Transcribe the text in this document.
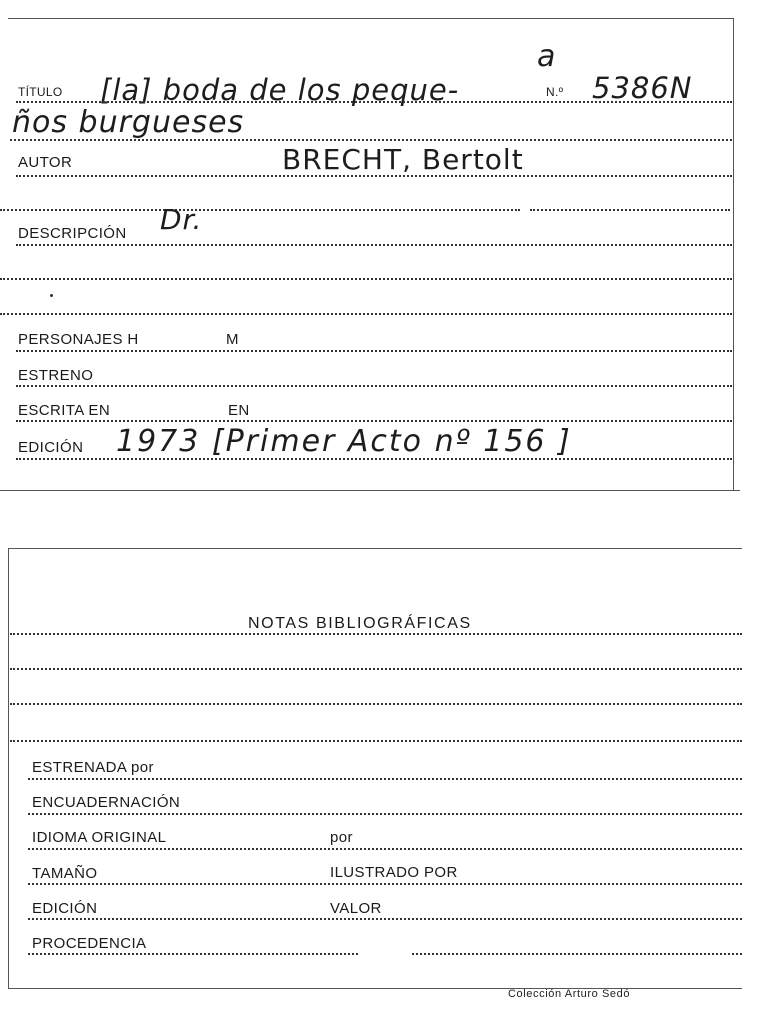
a
TÍTULO [la] boda de los peque-	N.º 5386N
ños burgueses
AUTOR	BRECHT, Bertolt
DESCRIPCIÓN Dr.
PERSONAJES H	M
ESTRENO
ESCRITA EN	EN
EDICIÓN 1973 [Primer Acto nº 156 ]
NOTAS BIBLIOGRÁFICAS
ESTRENADA por
ENCUADERNACIÓN
IDIOMA ORIGINAL	por
TAMAÑO	ILUSTRADO POR
EDICIÓN	VALOR
PROCEDENCIA
Colección Arturo Sedó
